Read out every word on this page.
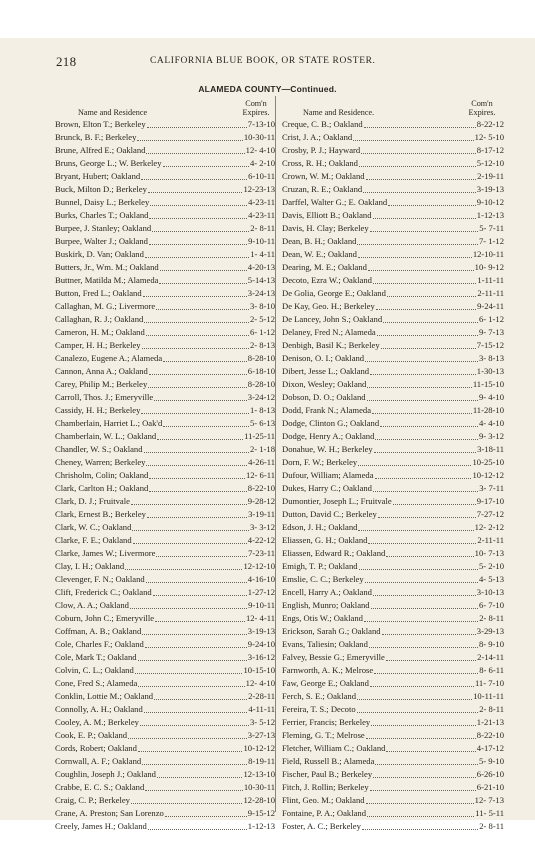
218	CALIFORNIA BLUE BOOK, OR STATE ROSTER.
ALAMEDA COUNTY—Continued.
Name and Residence
Com'n
Expires.	Name and Residence.
Com'n
Expires.
Brown, Elton T.; Berkeley	7-13-10
Brunck, B. F.; Berkeley	10-30-11
Brune, Alfred E.; Oakland	12- 4-10
Bruns, George L.; W. Berkeley	4- 2-10
Bryant, Hubert; Oakland	6-10-11
Buck, Milton D.; Berkeley	12-23-13
Bunnel, Daisy L.; Berkeley	4-23-11
Burks, Charles T.; Oakland	4-23-11
Burpee, J. Stanley; Oakland	2- 8-11
Burpee, Walter J.; Oakland	9-10-11
Buskirk, D. Van; Oakland	1- 4-11
Butters, Jr., Wm. M.; Oakland	4-20-13
Buttner, Matilda M.; Alameda	5-14-13
Button, Fred L.; Oakland	3-24-13
Callaghan, M. G.; Livermore	3- 8-10
Callaghan, R. J.; Oakland	2- 5-12
Cameron, H. M.; Oakland	6- 1-12
Camper, H. H.; Berkeley	2- 8-13
Canalezo, Eugene A.; Alameda	8-28-10
Cannon, Anna A.; Oakland	6-18-10
Carey, Philip M.; Berkeley	8-28-10
Carroll, Thos. J.; Emeryville	3-24-12
Cassidy, H. H.; Berkeley	1- 8-13
Chamberlain, Harriet L.; Oak'd	5- 6-13
Chamberlain, W. L.; Oakland	11-25-11
Chandler, W. S.; Oakland	2- 1-18
Cheney, Warren; Berkeley	4-26-11
Chrisholm, Colin; Oakland	12- 6-11
Clark, Carlton H.; Oakland	8-22-10
Clark, D. J.; Fruitvale	9-28-12
Clark, Ernest B.; Berkeley	3-19-11
Clark, W. C.; Oakland	3- 3-12
Clarke, F. E.; Oakland	4-22-12
Clarke, James W.; Livermore	7-23-11
Clay, I. H.; Oakland	12-12-10
Clevenger, F. N.; Oakland	4-16-10
Clift, Frederick C.; Oakland	1-27-12
Clow, A. A.; Oakland	9-10-11
Coburn, John C.; Emeryville	12- 4-11
Coffman, A. B.; Oakland	3-19-13
Cole, Charles F.; Oakland	9-24-10
Cole, Mark T.; Oakland	3-16-12
Colvin, C. L.; Oakland	10-15-10
Cone, Fred S.; Alameda	12- 4-10
Conklin, Lottie M.; Oakland	2-28-11
Connolly, A. H.; Oakland	4-11-11
Cooley, A. M.; Berkeley	3- 5-12
Cook, E. P.; Oakland	3-27-13
Cords, Robert; Oakland	10-12-12
Cornwall, A. F.; Oakland	8-19-11
Coughlin, Joseph J.; Oakland	12-13-10
Crabbe, E. C. S.; Oakland	10-30-11
Craig, C. P.; Berkeley	12-28-10
Crane, A. Preston; San Lorenzo	9-15-12
Creely, James H.; Oakland	1-12-13
Creque, C. B.; Oakland	8-22-12
Crist, J. A.; Oakland	12- 5-10
Crosby, P. J.; Hayward	8-17-12
Cross, R. H.; Oakland	5-12-10
Crown, W. M.; Oakland	2-19-11
Cruzan, R. E.; Oakland	3-19-13
Darffel, Walter G.; E. Oakland	9-10-12
Davis, Elliott B.; Oakland	1-12-13
Davis, H. Clay; Berkeley	5- 7-11
Dean, B. H.; Oakland	7- 1-12
Dean, W. E.; Oakland	12-10-11
Dearing, M. E.; Oakland	10- 9-12
Decoto, Ezra W.; Oakland	1-11-11
De Golia, George E.; Oakland	2-11-11
De Kay, Geo. H.; Berkeley	9-24-11
De Lancey, John S.; Oakland	6- 1-12
Delaney, Fred N.; Alameda	9- 7-13
Denbigh, Basil K.; Berkeley	7-15-12
Denison, O. I.; Oakland	3- 8-13
Dibert, Jesse L.; Oakland	1-30-13
Dixon, Wesley; Oakland	11-15-10
Dobson, D. O.; Oakland	9- 4-10
Dodd, Frank N.; Alameda	11-28-10
Dodge, Clinton G.; Oakland	4- 4-10
Dodge, Henry A.; Oakland	9- 3-12
Donahue, W. H.; Berkeley	3-18-11
Dorn, F. W.; Berkeley	10-25-10
Dufour, William; Alameda	10-12-12
Dukes, Harry C.; Oakland	3- 7-11
Dumontier, Joseph L.; Fruitvale	9-17-10
Dutton, David C.; Berkeley	7-27-12
Edson, J. H.; Oakland	12- 2-12
Eliassen, G. H.; Oakland	2-11-11
Eliassen, Edward R.; Oakland	10- 7-13
Emigh, T. P.; Oakland	5- 2-10
Emslie, C. C.; Berkeley	4- 5-13
Encell, Harry A.; Oakland	3-10-13
English, Munro; Oakland	6- 7-10
Engs, Otis W.; Oakland	2- 8-11
Erickson, Sarah G.; Oakland	3-29-13
Evans, Taliesin; Oakland	8- 9-10
Falvey, Bessie G.; Emeryville	2-14-11
Farnworth, A. K.; Melrose	8- 6-11
Faw, George E.; Oakland	11- 7-10
Ferch, S. E.; Oakland	10-11-11
Fereira, T. S.; Decoto	2- 8-11
Ferrier, Francis; Berkeley	1-21-13
Fleming, G. T.; Melrose	8-22-10
Fletcher, William C.; Oakland	4-17-12
Field, Russell B.; Alameda	5- 9-10
Fischer, Paul B.; Berkeley	6-26-10
Fitch, J. Rollin; Berkeley	6-21-10
Flint, Geo. M.; Oakland	12- 7-13
Fontaine, P. A.; Oakland	11- 5-11
Foster, A. C.; Berkeley	2- 8-11
